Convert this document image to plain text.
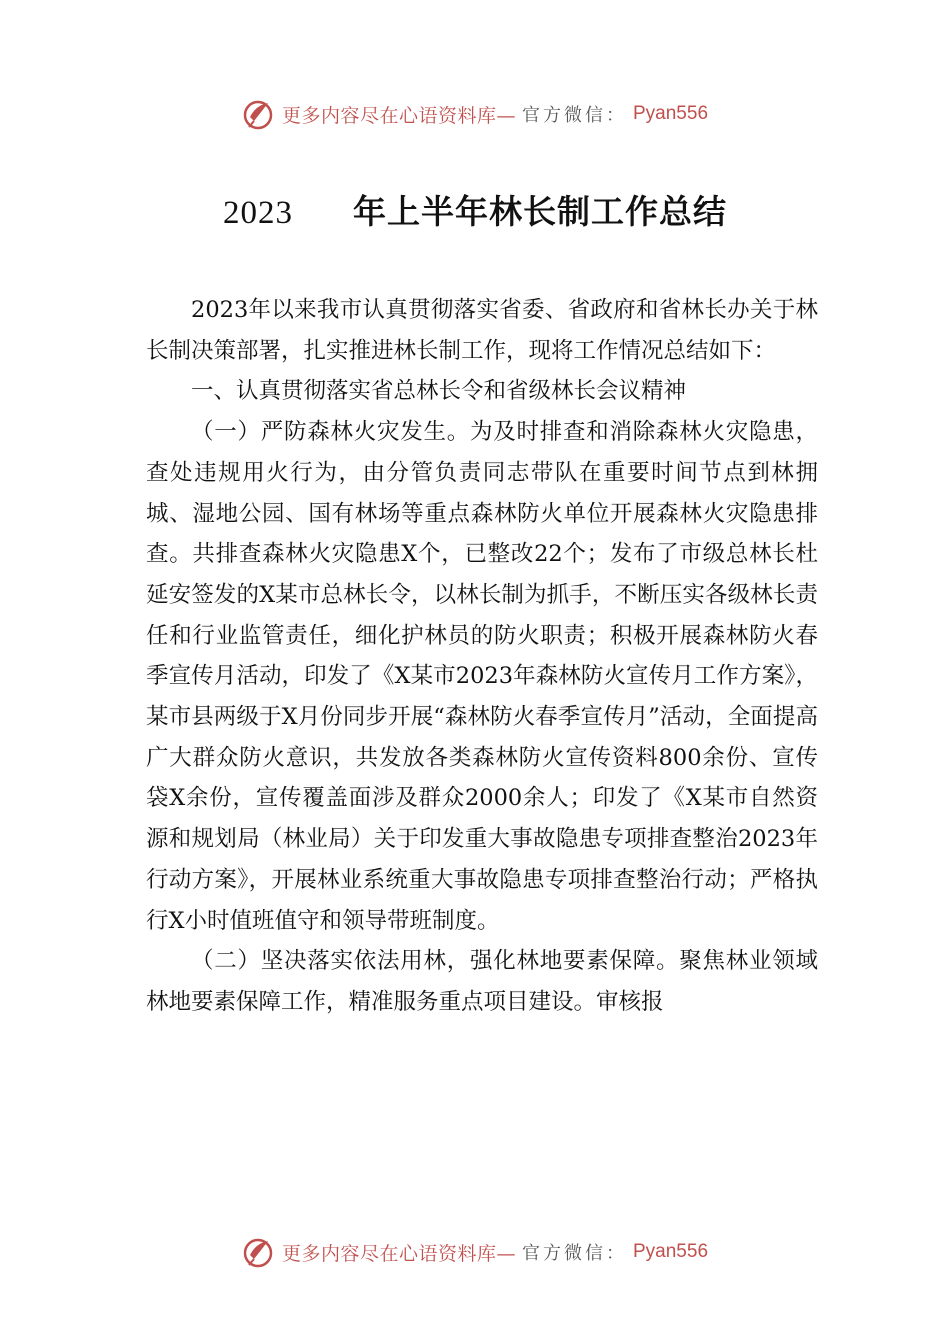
更多内容尽在心语资料库— 官方微信： Pyan556
2023 年上半年林长制工作总结

2023年以来我市认真贯彻落实省委、省政府和省林长办关于林长制决策部署，扎实推进林长制工作，现将工作情况总结如下：

一、认真贯彻落实省总林长令和省级林长会议精神

（一）严防森林火灾发生。为及时排查和消除森林火灾隐患，查处违规用火行为，由分管负责同志带队在重要时间节点到林拥城、湿地公园、国有林场等重点森林防火单位开展森林火灾隐患排查。共排查森林火灾隐患X个，已整改22个；发布了市级总林长杜延安签发的X某市总林长令，以林长制为抓手，不断压实各级林长责任和行业监管责任，细化护林员的防火职责；积极开展森林防火春季宣传月活动，印发了《X某市2023年森林防火宣传月工作方案》，某市县两级于X月份同步开展“森林防火春季宣传月”活动，全面提高广大群众防火意识，共发放各类森林防火宣传资料800余份、宣传袋X余份，宣传覆盖面涉及群众2000余人；印发了《X某市自然资源和规划局（林业局）关于印发重大事故隐患专项排查整治2023年行动方案》，开展林业系统重大事故隐患专项排查整治行动；严格执行X小时值班值守和领导带班制度。

（二）坚决落实依法用林，强化林地要素保障。聚焦林业领域林地要素保障工作，精准服务重点项目建设。审核报

更多内容尽在心语资料库— 官方微信： Pyan556
